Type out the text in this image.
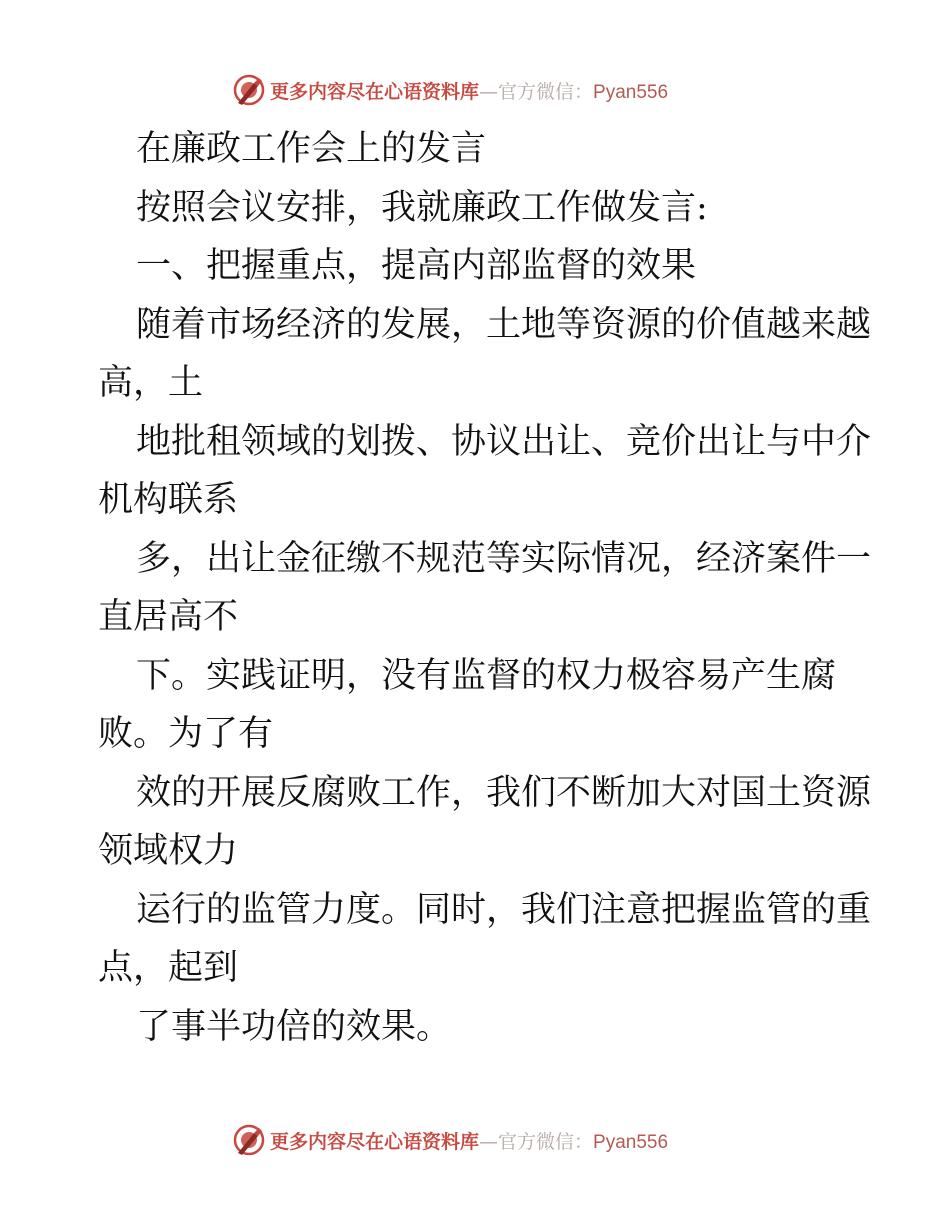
更多内容尽在心语资料库—官方微信：Pyan556
在廉政工作会上的发言
按照会议安排，我就廉政工作做发言:
一、把握重点，提高内部监督的效果
随着市场经济的发展，土地等资源的价值越来越
高，土
地批租领域的划拨、协议出让、竞价出让与中介
机构联系
多，出让金征缴不规范等实际情况，经济案件一
直居高不
下。实践证明，没有监督的权力极容易产生腐
败。为了有
效的开展反腐败工作，我们不断加大对国土资源
领域权力
运行的监管力度。同时，我们注意把握监管的重
点，起到
了事半功倍的效果。
更多内容尽在心语资料库—官方微信：Pyan556
